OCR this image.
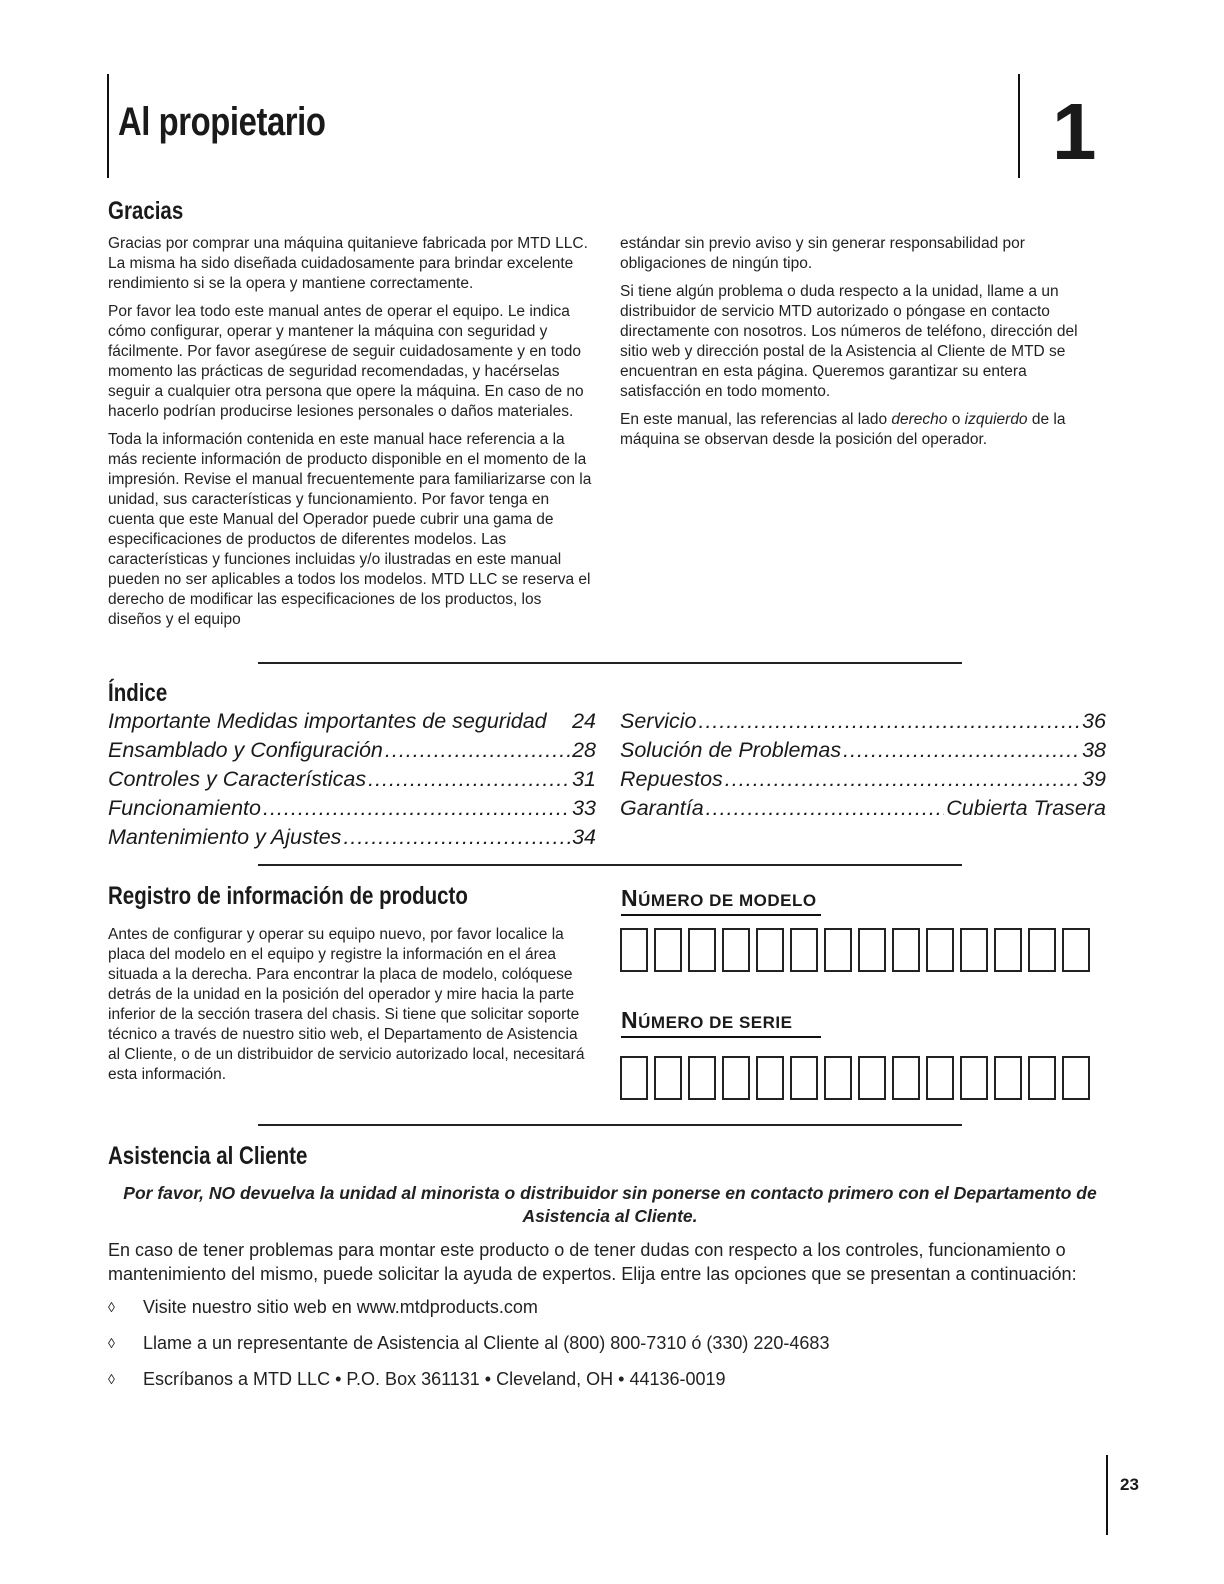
Al propietario	1
Gracias

Gracias por comprar una máquina quitanieve fabricada por MTD LLC. La misma ha sido diseñada cuidadosamente para brindar excelente rendimiento si se la opera y mantiene correctamente.

Por favor lea todo este manual antes de operar el equipo. Le indica cómo configurar, operar y mantener la máquina con seguridad y fácilmente. Por favor asegúrese de seguir cuidadosamente y en todo momento las prácticas de seguridad recomendadas, y hacérselas seguir a cualquier otra persona que opere la máquina. En caso de no hacerlo podrían producirse lesiones personales o daños materiales.

Toda la información contenida en este manual hace referencia a la más reciente información de producto disponible en el momento de la impresión. Revise el manual frecuentemente para familiarizarse con la unidad, sus características y funcionamiento. Por favor tenga en cuenta que este Manual del Operador puede cubrir una gama de especificaciones de productos de diferentes modelos. Las características y funciones incluidas y/o ilustradas en este manual pueden no ser aplicables a todos los modelos. MTD LLC se reserva el derecho de modificar las especificaciones de los productos, los diseños y el equipo

estándar sin previo aviso y sin generar responsabilidad por obligaciones de ningún tipo.

Si tiene algún problema o duda respecto a la unidad, llame a un distribuidor de servicio MTD autorizado o póngase en contacto directamente con nosotros. Los números de teléfono, dirección del sitio web y dirección postal de la Asistencia al Cliente de MTD se encuentran en esta página. Queremos garantizar su entera satisfacción en todo momento.

En este manual, las referencias al lado derecho o izquierdo de la máquina se observan desde la posición del operador.

Índice
Importante Medidas importantes de seguridad 24
Ensamblado y Configuración .....	28
Controles y Características .....	31
Funcionamiento .....	33
Mantenimiento y Ajustes .....	34
Servicio .....	36
Solución de Problemas .....	38
Repuestos .....	39
Garantía .....	Cubierta Trasera
Registro de información de producto
Antes de configurar y operar su equipo nuevo, por favor localice la placa del modelo en el equipo y registre la información en el área situada a la derecha. Para encontrar la placa de modelo, colóquese detrás de la unidad en la posición del operador y mire hacia la parte inferior de la sección trasera del chasis. Si tiene que solicitar soporte técnico a través de nuestro sitio web, el Departamento de Asistencia al Cliente, o de un distribuidor de servicio autorizado local, necesitará esta información.
NÚMERO DE MODELO
NÚMERO DE SERIE
Asistencia al Cliente
Por favor, NO devuelva la unidad al minorista o distribuidor sin ponerse en contacto primero con el Departamento de Asistencia al Cliente.
En caso de tener problemas para montar este producto o de tener dudas con respecto a los controles, funcionamiento o mantenimiento del mismo, puede solicitar la ayuda de expertos. Elija entre las opciones que se presentan a continuación:
◊	Visite nuestro sitio web en www.mtdproducts.com
◊	Llame a un representante de Asistencia al Cliente al (800) 800-7310 ó (330) 220-4683
◊	Escríbanos a MTD LLC • P.O. Box 361131 • Cleveland, OH • 44136-0019
23
